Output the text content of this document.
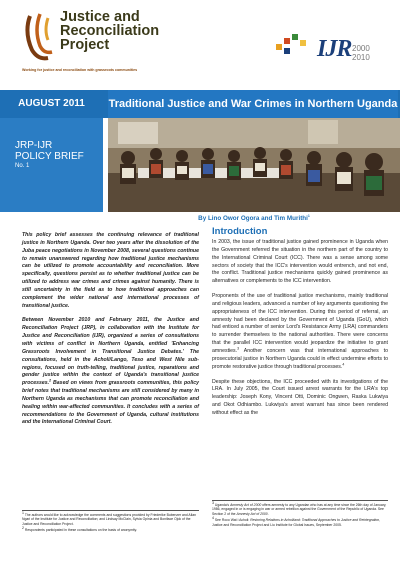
Justice and
Reconciliation
Project
Working for justice and reconciliation with grassroots communities
IJR 2000
2010
AUGUST 2011	Traditional Justice and War Crimes in Northern Uganda
JRP-IJR
POLICY BRIEF
No. 1
By Lino Owor Ogora and Tim Murithi$^1$

This policy brief assesses the continuing relevance of traditional justice in Northern Uganda. Over two years after the dissolution of the Juba peace negotiations in November 2008, several questions continue to remain unanswered regarding how traditional justice mechanisms can be utilized to promote accountability and reconciliation. More specifically, questions persist as to whether traditional justice can be utilized to address war crimes and crimes against humanity. There is still uncertainty in the field as to how traditional approaches can complement the wider national and international processes of transitional justice.

Between November 2010 and February 2011, the Justice and Reconciliation Project (JRP), in collaboration with the Institute for Justice and Reconciliation (IJR), organized a series of consultations with victims of conflict in Northern Uganda, entitled 'Enhancing Grassroots Involvement in Transitional Justice Debates.' The consultations, held in the Acholi/Lango, Teso and West Nile sub-regions, focused on truth-telling, traditional justice, reparations and gender justice within the context of Uganda's transitional justice processes.$^2$ Based on views from grassroots communities, this policy brief notes that traditional mechanisms are still considered by many in Northern Uganda as mechanisms that can promote reconciliation and healing within war-affected communities. It concludes with a series of recommendations to the Government of Uganda, cultural institutions and the International Criminal Court.

Introduction

In 2003, the issue of traditional justice gained prominence in Uganda when the Government referred the situation in the northern part of the country to the International Criminal Court (ICC). There was a sense among some sectors of society that the ICC's intervention would entrench, and not end, the conflict. Traditional justice mechanisms quickly gained prominence as alternatives or complements to the ICC intervention.

Proponents of the use of traditional justice mechanisms, mainly traditional and religious leaders, advanced a number of key arguments questioning the appropriateness of the ICC intervention. During this period of referral, an amnesty had been declared by the Government of Uganda (GoU), which had enticed a number of senior Lord's Resistance Army (LRA) commanders to surrender themselves to the national authorities. There were concerns that the parallel ICC intervention would jeopardize the initiative to grant amnesties.$^3$ Another concern was that international approaches to prosecutorial justice in Northern Uganda could in effect undermine efforts to promote restorative justice through traditional processes.$^4$

Despite these objections, the ICC proceeded with its investigations of the LRA. In July 2005, the Court issued arrest warrants for the LRA's top leadership: Joseph Kony, Vincent Otti, Dominic Ongwen, Raska Lukwiya and Okot Odhiambo. Lukwiya's arrest warrant has since been rendered without effect as the

$^1$ The authors would like to acknowledge the comments and suggestions provided by Friederike Bubenzer and Allan Ngari of the Institute for Justice and Reconciliation; and Lindsay McClain, Sylvia Opinia and Boniface Ojok of the Justice and Reconciliation Project.
$^2$ Respondents participated in these consultations on the basis of anonymity.
$^3$ Uganda's Amnesty Act of 2000 offers amnesty to any Ugandan who has at any time since the 26th day of January, 1986, engaged in or is engaging in war or armed rebellion against the Government of the Republic of Uganda. See Section 2 of the Amnesty Act of 2000.
$^4$ See Roco Wat i Acholi: Restoring Relations in Acholiland: Traditional Approaches to Justice and Reintegration, Justice and Reconciliation Project and Liu Institute for Global Issues, September 2005.
